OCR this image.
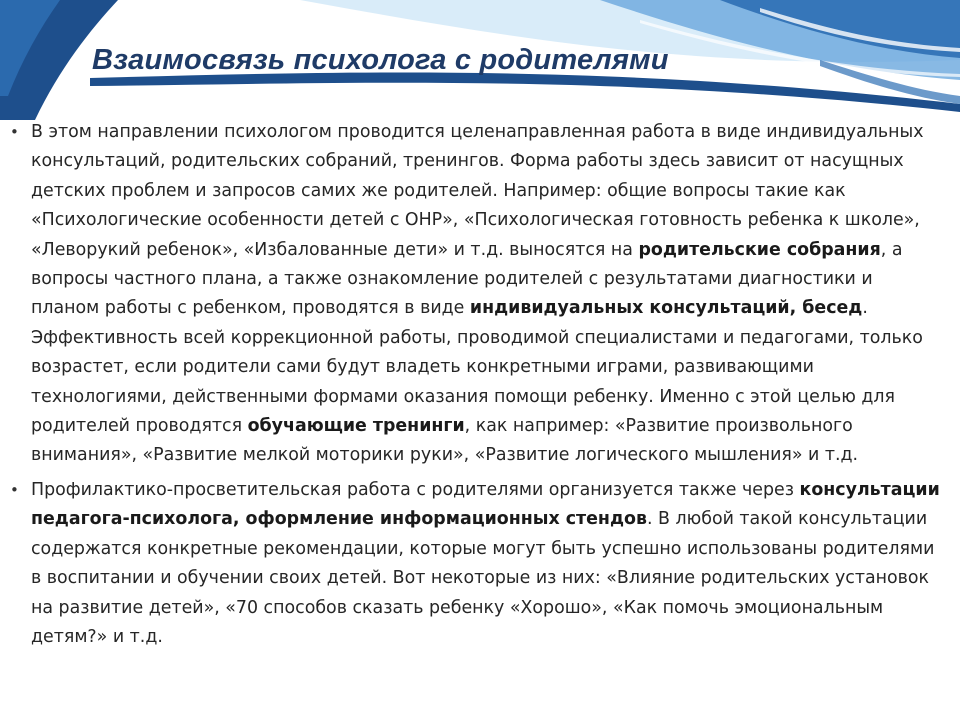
Взаимосвязь психолога с родителями
• В этом направлении психологом проводится целенаправленная работа в виде индивидуальных консультаций, родительских собраний, тренингов. Форма работы здесь зависит от насущных детских проблем и запросов самих же родителей. Например: общие вопросы такие как «Психологические особенности детей с ОНР», «Психологическая готовность ребенка к школе», «Леворукий ребенок», «Избалованные дети» и т.д. выносятся на родительские собрания, а вопросы частного плана, а также ознакомление родителей с результатами диагностики и планом работы с ребенком, проводятся в виде индивидуальных консультаций, бесед. Эффективность всей коррекционной работы, проводимой специалистами и педагогами, только возрастет, если родители сами будут владеть конкретными играми, развивающими технологиями, действенными формами оказания помощи ребенку. Именно с этой целью для родителей проводятся обучающие тренинги, как например: «Развитие произвольного внимания», «Развитие мелкой моторики руки», «Развитие логического мышления» и т.д.
• Профилактико-просветительская работа с родителями организуется также через консультации педагога-психолога, оформление информационных стендов. В любой такой консультации содержатся конкретные рекомендации, которые могут быть успешно использованы родителями в воспитании и обучении своих детей. Вот некоторые из них: «Влияние родительских установок на развитие детей», «70 способов сказать ребенку «Хорошо», «Как помочь эмоциональным детям?» и т.д.
